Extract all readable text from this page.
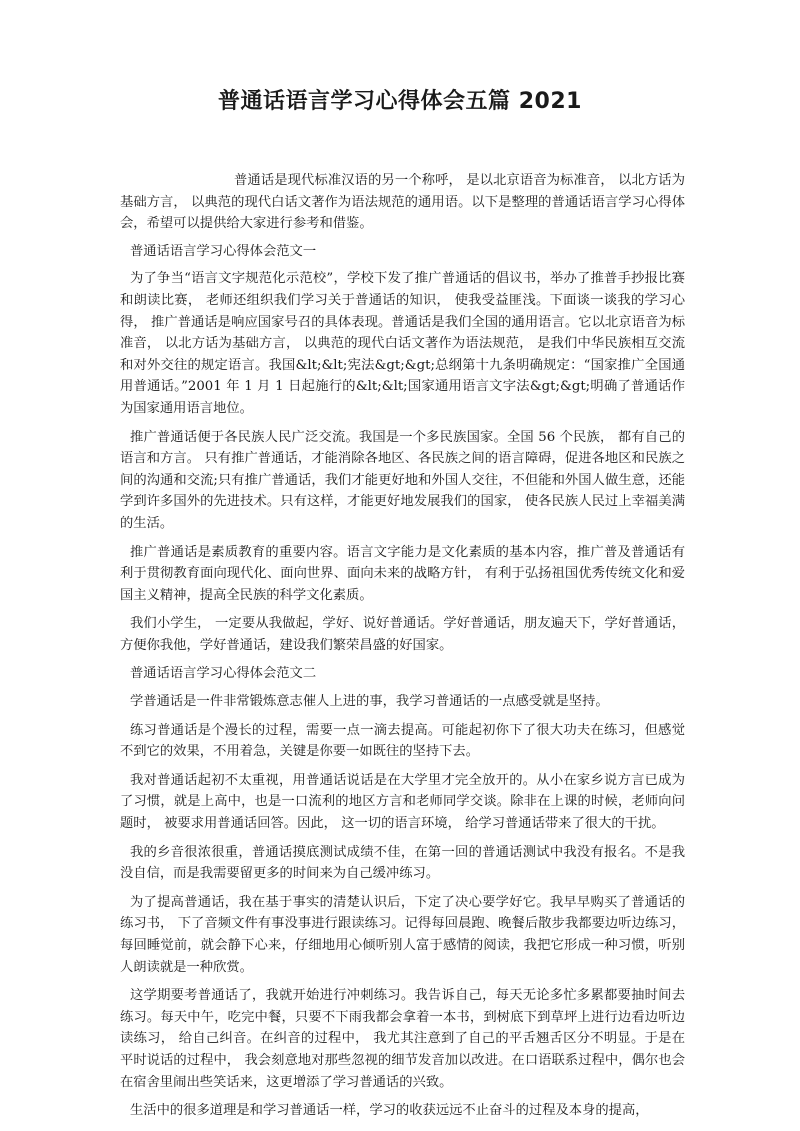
普通话语言学习心得体会五篇 2021

普通话是现代标准汉语的另一个称呼， 是以北京语音为标准音， 以北方话为基础方言， 以典范的现代白话文著作为语法规范的通用语。以下是整理的普通话语言学习心得体会，希望可以提供给大家进行参考和借鉴。

普通话语言学习心得体会范文一

为了争当“语言文字规范化示范校”，学校下发了推广普通话的倡议书，举办了推普手抄报比赛和朗读比赛， 老师还组织我们学习关于普通话的知识， 使我受益匪浅。下面谈一谈我的学习心得， 推广普通话是响应国家号召的具体表现。普通话是我们全国的通用语言。它以北京语音为标准音， 以北方话为基础方言， 以典范的现代白话文著作为语法规范， 是我们中华民族相互交流和对外交往的规定语言。我国&lt;&lt;宪法&gt;&gt;总纲第十九条明确规定：“国家推广全国通用普通话。”2001 年 1 月 1 日起施行的&lt;&lt;国家通用语言文字法&gt;&gt;明确了普通话作为国家通用语言地位。

推广普通话便于各民族人民广泛交流。我国是一个多民族国家。全国 56 个民族， 都有自己的语言和方言。 只有推广普通话，才能消除各地区、各民族之间的语言障碍，促进各地区和民族之间的沟通和交流;只有推广普通话，我们才能更好地和外国人交往，不但能和外国人做生意，还能学到许多国外的先进技术。只有这样，才能更好地发展我们的国家， 使各民族人民过上幸福美满的生活。

推广普通话是素质教育的重要内容。语言文字能力是文化素质的基本内容，推广普及普通话有利于贯彻教育面向现代化、面向世界、面向未来的战略方针， 有利于弘扬祖国优秀传统文化和爱国主义精神，提高全民族的科学文化素质。

我们小学生， 一定要从我做起，学好、说好普通话。学好普通话，朋友遍天下，学好普通话，方便你我他，学好普通话，建设我们繁荣昌盛的好国家。

普通话语言学习心得体会范文二

学普通话是一件非常锻炼意志催人上进的事，我学习普通话的一点感受就是坚持。

练习普通话是个漫长的过程，需要一点一滴去提高。可能起初你下了很大功夫在练习，但感觉不到它的效果，不用着急，关键是你要一如既往的坚持下去。

我对普通话起初不太重视，用普通话说话是在大学里才完全放开的。从小在家乡说方言已成为了习惯，就是上高中，也是一口流利的地区方言和老师同学交谈。除非在上课的时候，老师向问题时， 被要求用普通话回答。因此， 这一切的语言环境， 给学习普通话带来了很大的干扰。

我的乡音很浓很重，普通话摸底测试成绩不佳，在第一回的普通话测试中我没有报名。不是我没自信，而是我需要留更多的时间来为自己缓冲练习。

为了提高普通话，我在基于事实的清楚认识后，下定了决心要学好它。我早早购买了普通话的练习书， 下了音频文件有事没事进行跟读练习。记得每回晨跑、晚餐后散步我都要边听边练习，每回睡觉前，就会静下心来，仔细地用心倾听别人富于感情的阅读，我把它形成一种习惯，听别人朗读就是一种欣赏。

这学期要考普通话了，我就开始进行冲刺练习。我告诉自己，每天无论多忙多累都要抽时间去练习。每天中午，吃完中餐，只要不下雨我都会拿着一本书，到树底下到草坪上进行边看边听边读练习， 给自己纠音。在纠音的过程中， 我尤其注意到了自己的平舌翘舌区分不明显。于是在平时说话的过程中， 我会刻意地对那些忽视的细节发音加以改进。在口语联系过程中，偶尔也会在宿舍里闹出些笑话来，这更增添了学习普通话的兴致。

生活中的很多道理是和学习普通话一样，学习的收获远远不止奋斗的过程及本身的提高，
